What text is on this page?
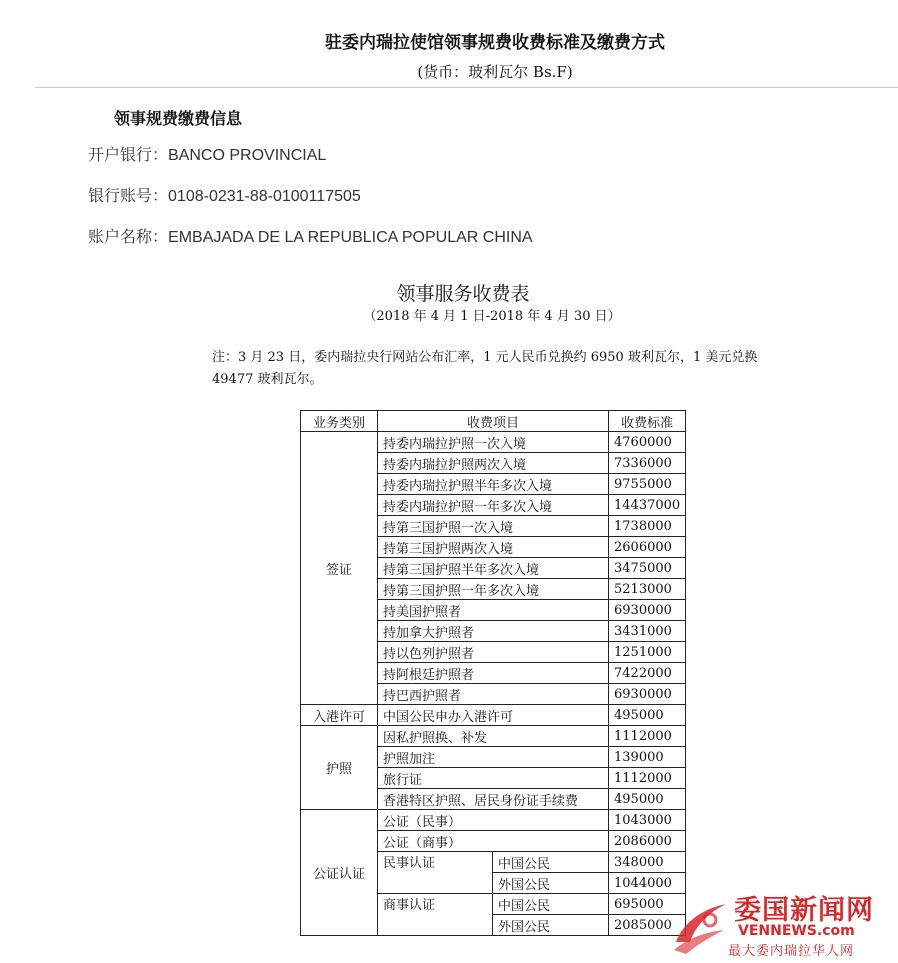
驻委内瑞拉使馆领事规费收费标准及缴费方式
(货币：玻利瓦尔 Bs.F)
领事规费缴费信息
开户银行：BANCO PROVINCIAL
银行账号：0108-0231-88-0100117505
账户名称：EMBAJADA DE LA REPUBLICA POPULAR CHINA
领事服务收费表
（2018 年 4 月 1 日-2018 年 4 月 30 日）
注：3 月 23 日，委内瑞拉央行网站公布汇率，1 元人民币兑换约 6950 玻利瓦尔，1 美元兑换 49477 玻利瓦尔。
业务类别	收费项目		收费标准
签证	持委内瑞拉护照一次入境		4760000
	持委内瑞拉护照两次入境		7336000
	持委内瑞拉护照半年多次入境		9755000
	持委内瑞拉护照一年多次入境		14437000
	持第三国护照一次入境		1738000
	持第三国护照两次入境		2606000
	持第三国护照半年多次入境		3475000
	持第三国护照一年多次入境		5213000
	持美国护照者		6930000
	持加拿大护照者		3431000
	持以色列护照者		1251000
	持阿根廷护照者		7422000
	持巴西护照者		6930000
入港许可	中国公民申办入港许可		495000
护照	因私护照换、补发		1112000
	护照加注		139000
	旅行证		1112000
	香港特区护照、居民身份证手续费		495000
公证认证	公证（民事）		1043000
	公证（商事）		2086000
	民事认证	中国公民	348000
		外国公民	1044000
	商事认证	中国公民	695000
		外国公民	2085000 委国新闻网
VENNEWS.com
最大委内瑞拉华人网
